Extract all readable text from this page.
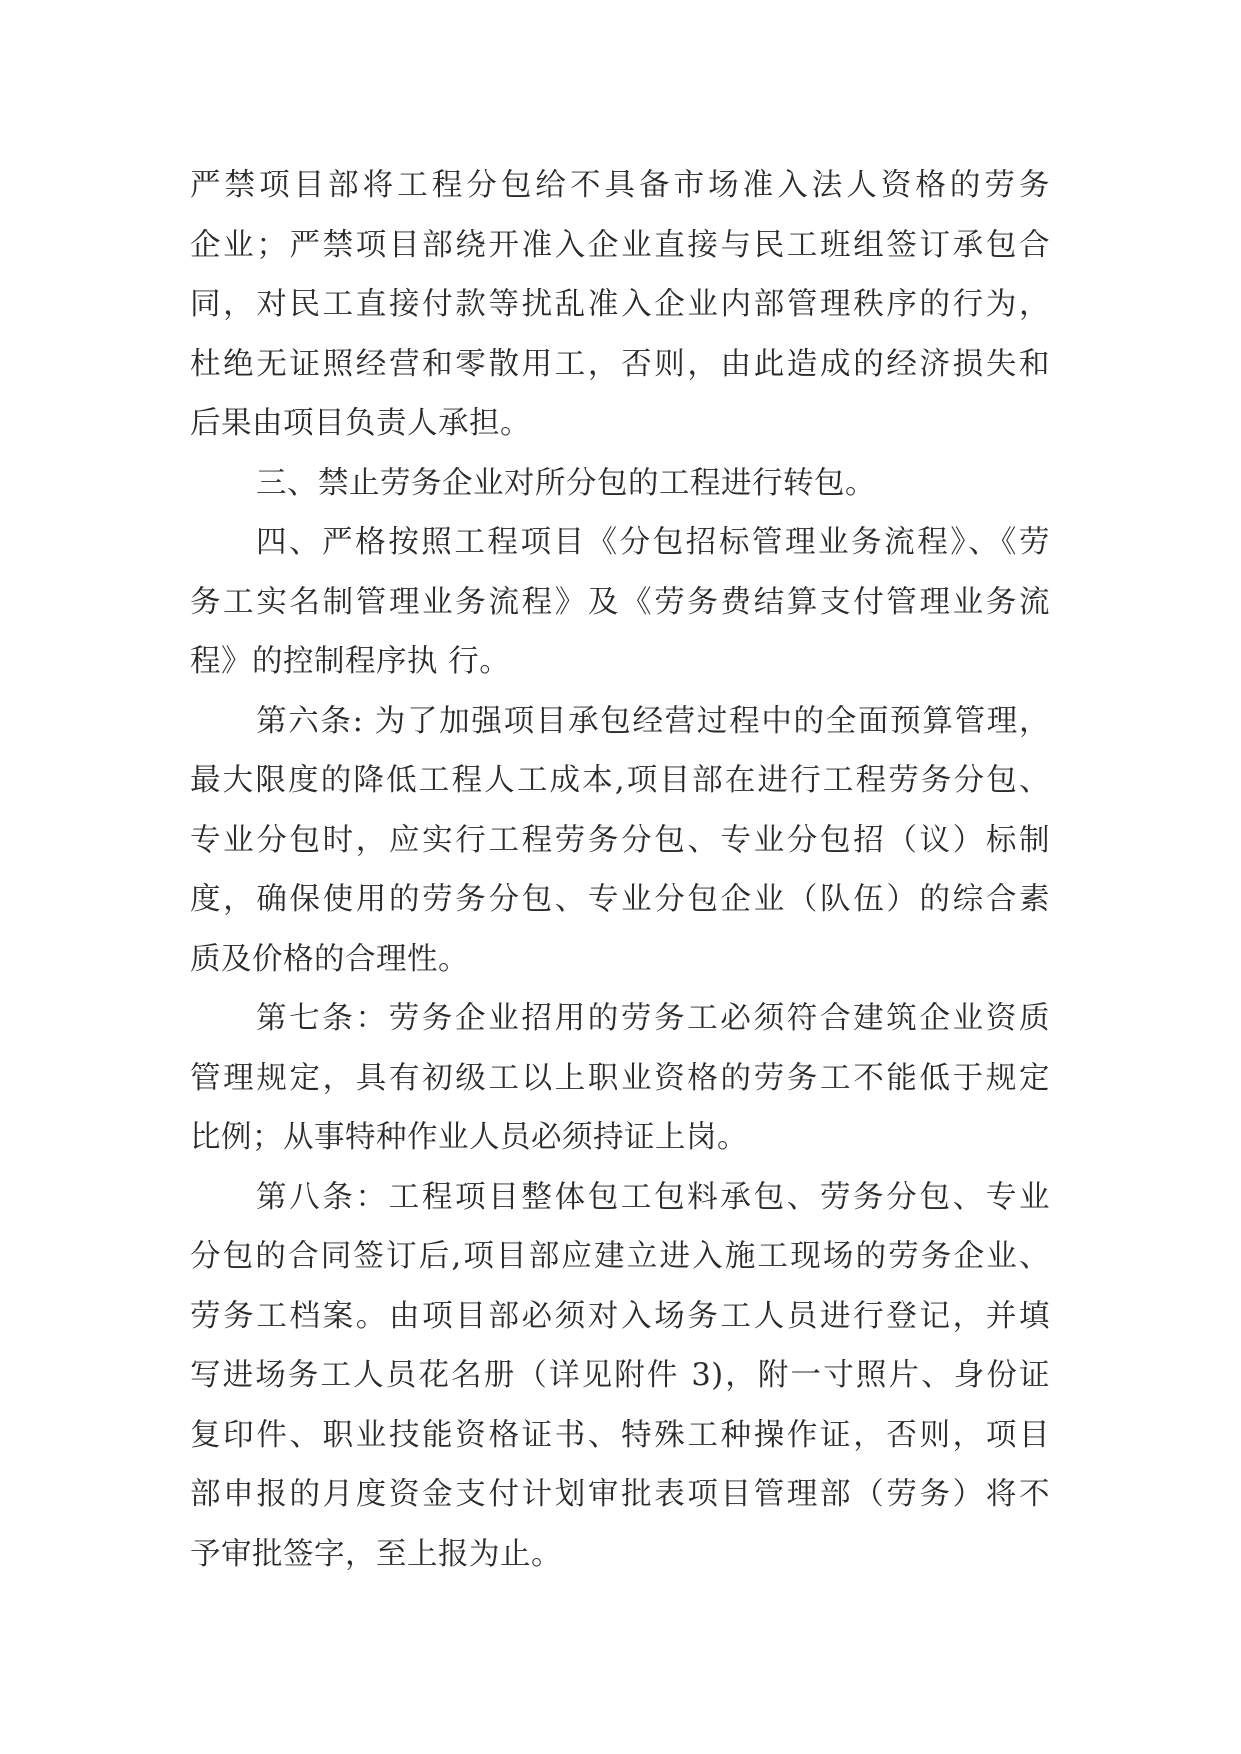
严禁项目部将工程分包给不具备市场准入法人资格的劳务
企业；严禁项目部绕开准入企业直接与民工班组签订承包合
同，对民工直接付款等扰乱准入企业内部管理秩序的行为，
杜绝无证照经营和零散用工，否则，由此造成的经济损失和
后果由项目负责人承担。
三、禁止劳务企业对所分包的工程进行转包。
四、严格按照工程项目《分包招标管理业务流程》、《劳
务工实名制管理业务流程》及《劳务费结算支付管理业务流
程》的控制程序执 行。
第六条: 为了加强项目承包经营过程中的全面预算管理，
最大限度的降低工程人工成本,项目部在进行工程劳务分包、
专业分包时，应实行工程劳务分包、专业分包招（议）标制
度，确保使用的劳务分包、专业分包企业（队伍）的综合素
质及价格的合理性。
第七条：劳务企业招用的劳务工必须符合建筑企业资质
管理规定，具有初级工以上职业资格的劳务工不能低于规定
比例；从事特种作业人员必须持证上岗。
第八条：工程项目整体包工包料承包、劳务分包、专业
分包的合同签订后,项目部应建立进入施工现场的劳务企业、
劳务工档案。由项目部必须对入场务工人员进行登记，并填
写进场务工人员花名册（详见附件 3)，附一寸照片、身份证
复印件、职业技能资格证书、特殊工种操作证，否则，项目
部申报的月度资金支付计划审批表项目管理部（劳务）将不
予审批签字，至上报为止。
